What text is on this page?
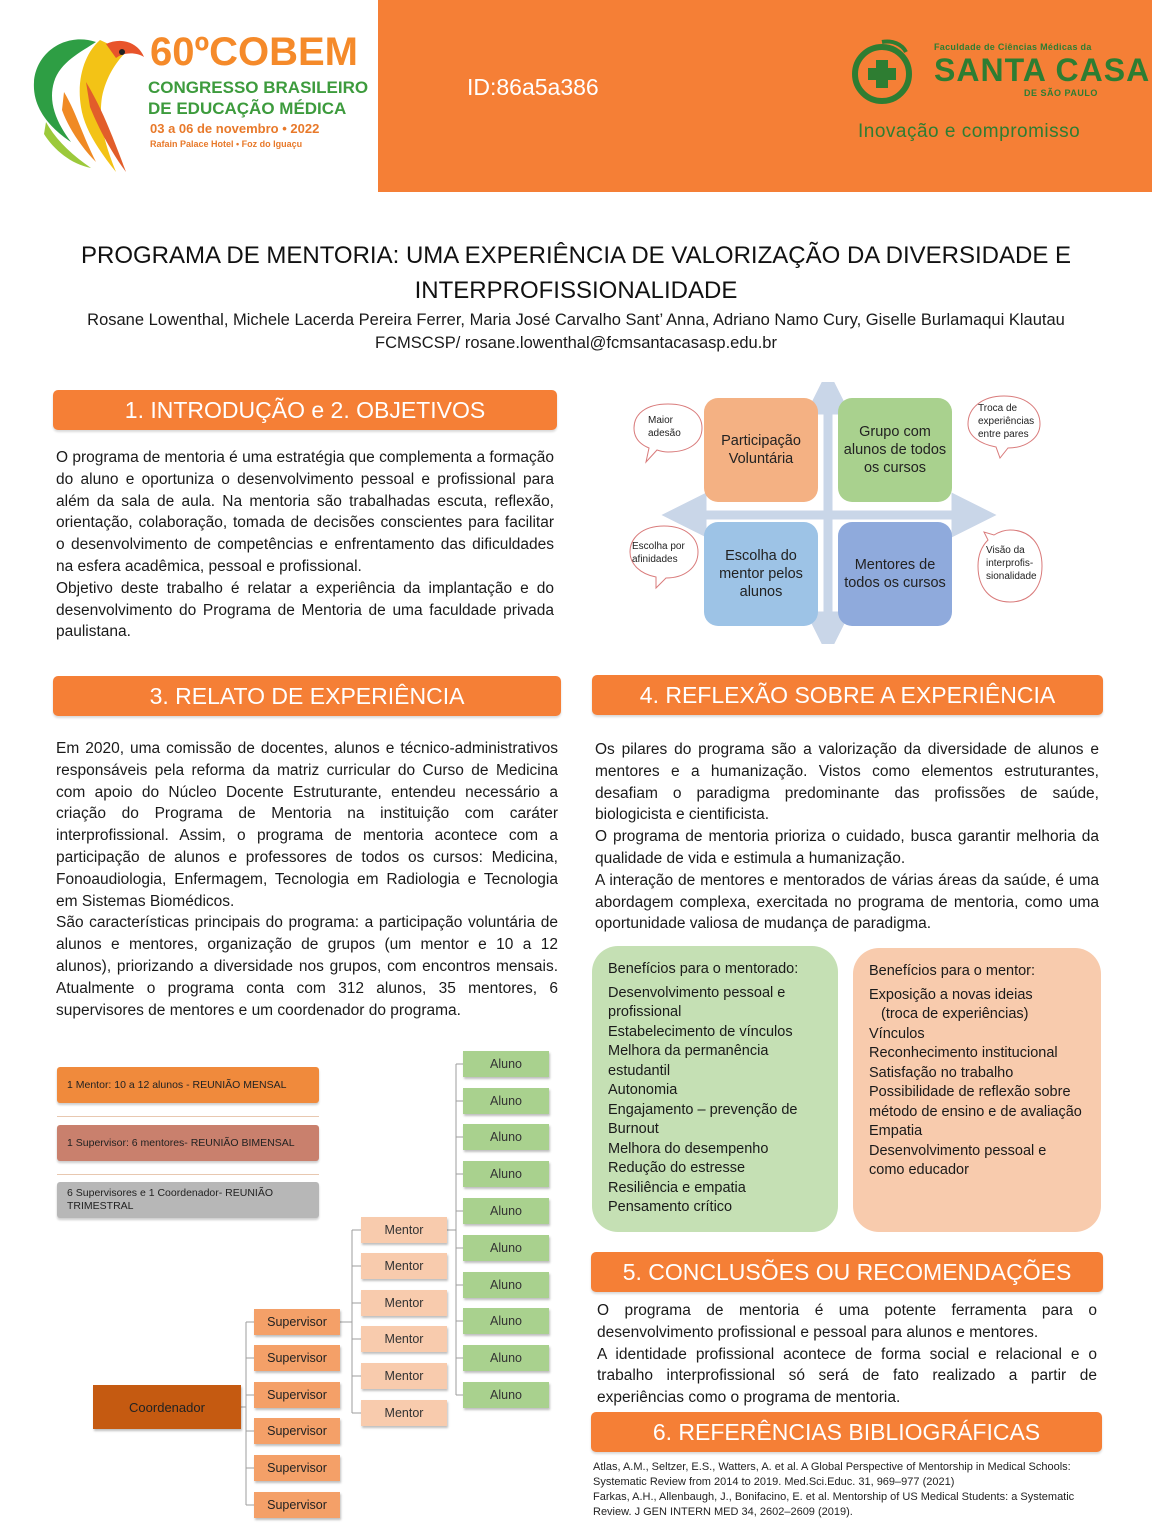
60ºCOBEM
CONGRESSO BRASILEIRO
DE EDUCAÇÃO MÉDICA
03 a 06 de novembro • 2022
Rafain Palace Hotel • Foz do Iguaçu
ID:86a5a386
Faculdade de Ciências Médicas da
SANTA CASA
DE SÃO PAULO
Inovação e compromisso
PROGRAMA DE MENTORIA: UMA EXPERIÊNCIA DE VALORIZAÇÃO DA DIVERSIDADE E
INTERPROFISSIONALIDADE
Rosane Lowenthal, Michele Lacerda Pereira Ferrer, Maria José Carvalho Sant’ Anna, Adriano Namo Cury, Giselle Burlamaqui Klautau
FCMSCSP/ rosane.lowenthal@fcmsantacasasp.edu.br
1. INTRODUÇÃO e 2. OBJETIVOS

O programa de mentoria é uma estratégia que complementa a formação do aluno e oportuniza o desenvolvimento pessoal e profissional para além da sala de aula. Na mentoria são trabalhadas escuta, reflexão, orientação, colaboração, tomada de decisões conscientes para facilitar o desenvolvimento de competências e enfrentamento das dificuldades na esfera acadêmica, pessoal e profissional.

Objetivo deste trabalho é relatar a experiência da implantação e do desenvolvimento do Programa de Mentoria de uma faculdade privada paulistana.

Participação Voluntária
Grupo com alunos de todos os cursos
Escolha do mentor pelos alunos
Mentores de todos os cursos
Maior adesão
Troca de experiências entre pares
Escolha por afinidades
Visão da interprofis-sionalidade
3. RELATO DE EXPERIÊNCIA

Em 2020, uma comissão de docentes, alunos e técnico-administrativos responsáveis pela reforma da matriz curricular do Curso de Medicina com apoio do Núcleo Docente Estruturante, entendeu necessário a criação do Programa de Mentoria na instituição com caráter interprofissional. Assim, o programa de mentoria acontece com a participação de alunos e professores de todos os cursos: Medicina, Fonoaudiologia, Enfermagem, Tecnologia em Radiologia e Tecnologia em Sistemas Biomédicos.

São características principais do programa: a participação voluntária de alunos e mentores, organização de grupos (um mentor e 10 a 12 alunos), priorizando a diversidade nos grupos, com encontros mensais. Atualmente o programa conta com 312 alunos, 35 mentores, 6 supervisores de mentores e um coordenador do programa.

1 Mentor: 10 a 12 alunos - REUNIÃO MENSAL
1 Supervisor: 6 mentores- REUNIÃO BIMENSAL
6 Supervisores e 1 Coordenador- REUNIÃO TRIMESTRAL
Coordenador
Supervisor
Supervisor
Supervisor
Supervisor
Supervisor
Supervisor
Mentor
Mentor
Mentor
Mentor
Mentor
Mentor
Aluno
Aluno
Aluno
Aluno
Aluno
Aluno
Aluno
Aluno
Aluno
Aluno
4. REFLEXÃO SOBRE A EXPERIÊNCIA

Os pilares do programa são a valorização da diversidade de alunos e mentores e a humanização. Vistos como elementos estruturantes, desafiam o paradigma predominante das profissões de saúde, biologicista e cientificista.

O programa de mentoria prioriza o cuidado, busca garantir melhoria da qualidade de vida e estimula a humanização.

A interação de mentores e mentorados de várias áreas da saúde, é uma abordagem complexa, exercitada no programa de mentoria, como uma oportunidade valiosa de mudança de paradigma.

Benefícios para o mentorado:
Desenvolvimento pessoal e profissional
Estabelecimento de vínculos
Melhora da permanência estudantil
Autonomia
Engajamento – prevenção de Burnout
Melhora do desempenho
Redução do estresse
Resiliência e empatia
Pensamento crítico
Benefícios para o mentor:
Exposição a novas ideias
(troca de experiências)
Vínculos
Reconhecimento institucional
Satisfação no trabalho
Possibilidade de reflexão sobre método de ensino e de avaliação
Empatia
Desenvolvimento pessoal e como educador
5. CONCLUSÕES OU RECOMENDAÇÕES

O programa de mentoria é uma potente ferramenta para o desenvolvimento profissional e pessoal para alunos e mentores.

A identidade profissional acontece de forma social e relacional e o trabalho interprofissional só será de fato realizado a partir de experiências como o programa de mentoria.

6. REFERÊNCIAS BIBLIOGRÁFICAS

Atlas, A.M., Seltzer, E.S., Watters, A. et al. A Global Perspective of Mentorship in Medical Schools: Systematic Review from 2014 to 2019. Med.Sci.Educ. 31, 969–977 (2021)

Farkas, A.H., Allenbaugh, J., Bonifacino, E. et al. Mentorship of US Medical Students: a Systematic Review. J GEN INTERN MED 34, 2602–2609 (2019).
